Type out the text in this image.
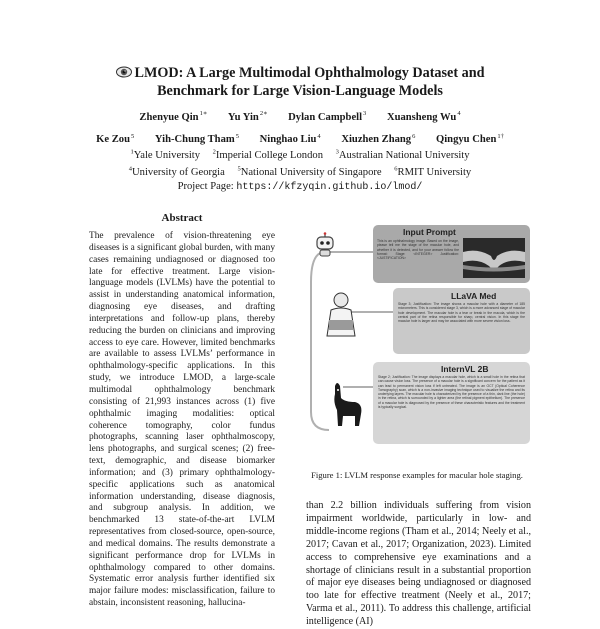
LMOD: A Large Multimodal Ophthalmology Dataset and
Benchmark for Large Vision-Language Models
Zhenyue Qin$^{1∗}$ Yu Yin$^{2∗}$ Dylan Campbell$^3$ Xuansheng Wu$^4$
Ke Zou$^5$ Yih-Chung Tham$^5$ Ninghao Liu$^4$ Xiuzhen Zhang$^6$ Qingyu Chen$^{1\dagger}$
$^1$Yale University $^2$Imperial College London $^3$Australian National University
$^4$University of Georgia $^5$National University of Singapore $^6$RMIT University
Project Page: https://kfzyqin.github.io/lmod/
Abstract
The prevalence of vision-threatening eye diseases is a significant global burden, with many cases remaining undiagnosed or diagnosed too late for effective treatment. Large vision-language models (LVLMs) have the potential to assist in understanding anatomical information, diagnosing eye diseases, and drafting interpretations and follow-up plans, thereby reducing the burden on clinicians and improving access to eye care. However, limited benchmarks are available to assess LVLMs’ performance in ophthalmology-specific applications. In this study, we introduce LMOD, a large-scale multimodal ophthalmology benchmark consisting of 21,993 instances across (1) five ophthalmic imaging modalities: optical coherence tomography, color fundus photographs, scanning laser ophthalmoscopy, lens photographs, and surgical scenes; (2) free-text, demographic, and disease biomarker information; and (3) primary ophthalmology-specific applications such as anatomical information understanding, disease diagnosis, and subgroup analysis. In addition, we benchmarked 13 state-of-the-art LVLM representatives from closed-source, open-source, and medical domains. The results demonstrate a significant performance drop for LVLMs in ophthalmology compared to other domains. Systematic error analysis further identified six major failure modes: misclassification, failure to abstain, inconsistent reasoning, hallucina-
Input Prompt
This is an ophthalmology image. Based on the image, please tell me the stage of the macular hole, and whether it is detected, and for your answer follow the format: Stage: <INTEGER> Justification: <JUSTIFICATION>
LLaVA Med
Stage 3; Justification: The image shows a macular hole with a diameter of 185 micrometers. This is considered stage 3, which is a more advanced stage of macular hole development. The macular hole is a tear or break in the macula, which is the central part of the retina responsible for sharp, central vision. In this stage the macular hole is larger and may be associated with more severe vision loss.
InternVL 2B
Stage 2; Justification: The image displays a macular hole, which is a small hole in the retina that can cause vision loss. The presence of a macular hole is a significant concern for the patient as it can lead to permanent vision loss if left untreated. The image is an OCT (Optical Coherence Tomography) scan, which is a non-invasive imaging technique used to visualize the retina and its underlying layers. The macular hole is characterized by the presence of a thin, dark line (the hole) in the retina, which is surrounded by a lighter area (the retinal pigment epithelium). The presence of a macular hole is diagnosed by the presence of these characteristic features and the treatment is typically surgical.
Figure 1: LVLM response examples for macular hole staging.
than 2.2 billion individuals suffering from vision impairment worldwide, particularly in low- and middle-income regions (Tham et al., 2014; Neely et al., 2017; Cavan et al., 2017; Organization, 2023). Limited access to comprehensive eye examinations and a shortage of clinicians result in a substantial proportion of major eye diseases being undiagnosed or diagnosed too late for effective treatment (Neely et al., 2017; Varma et al., 2011). To address this challenge, artificial intelligence (AI)
